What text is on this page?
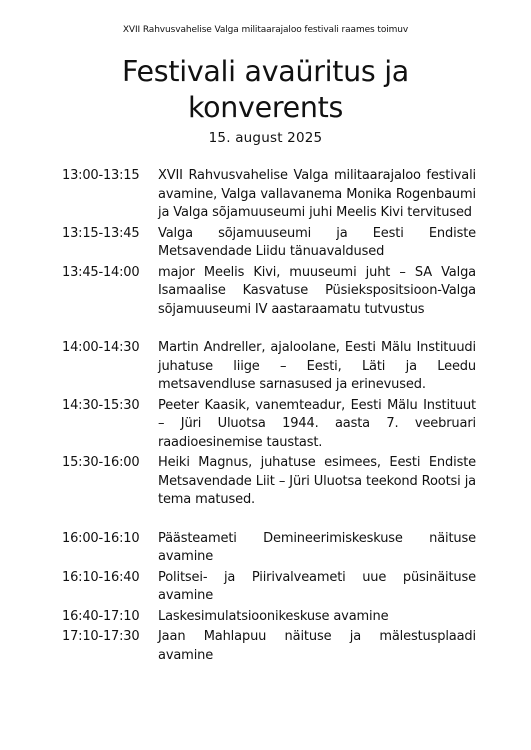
XVII Rahvusvahelise Valga militaarajaloo festivali raames toimuv
Festivali avaüritus ja
konverents
15. august 2025
13:00-13:15	XVII Rahvusvahelise Valga militaarajaloo festivali avamine, Valga vallavanema Monika Rogenbaumi ja Valga sõjamuuseumi juhi Meelis Kivi tervitused
13:15-13:45	Valga sõjamuuseumi ja Eesti Endiste Metsavendade Liidu tänuavaldused
13:45-14:00	major Meelis Kivi, muuseumi juht – SA Valga Isamaalise Kasvatuse Püsiekspositsioon-Valga sõjamuuseumi IV aastaraamatu tutvustus
14:00-14:30	Martin Andreller, ajaloolane, Eesti Mälu Instituudi juhatuse liige – Eesti, Läti ja Leedu metsavendluse sarnasused ja erinevused.
14:30-15:30	Peeter Kaasik, vanemteadur, Eesti Mälu Instituut – Jüri Uluotsa 1944. aasta 7. veebruari raadioesinemise taustast.
15:30-16:00	Heiki Magnus, juhatuse esimees, Eesti Endiste Metsavendade Liit – Jüri Uluotsa teekond Rootsi ja tema matused.
16:00-16:10	Päästeameti Demineerimiskeskuse näituse avamine
16:10-16:40	Politsei- ja Piirivalveameti uue püsinäituse avamine
16:40-17:10	Laskesimulatsioonikeskuse avamine
17:10-17:30	Jaan Mahlapuu näituse ja mälestusplaadi avamine
